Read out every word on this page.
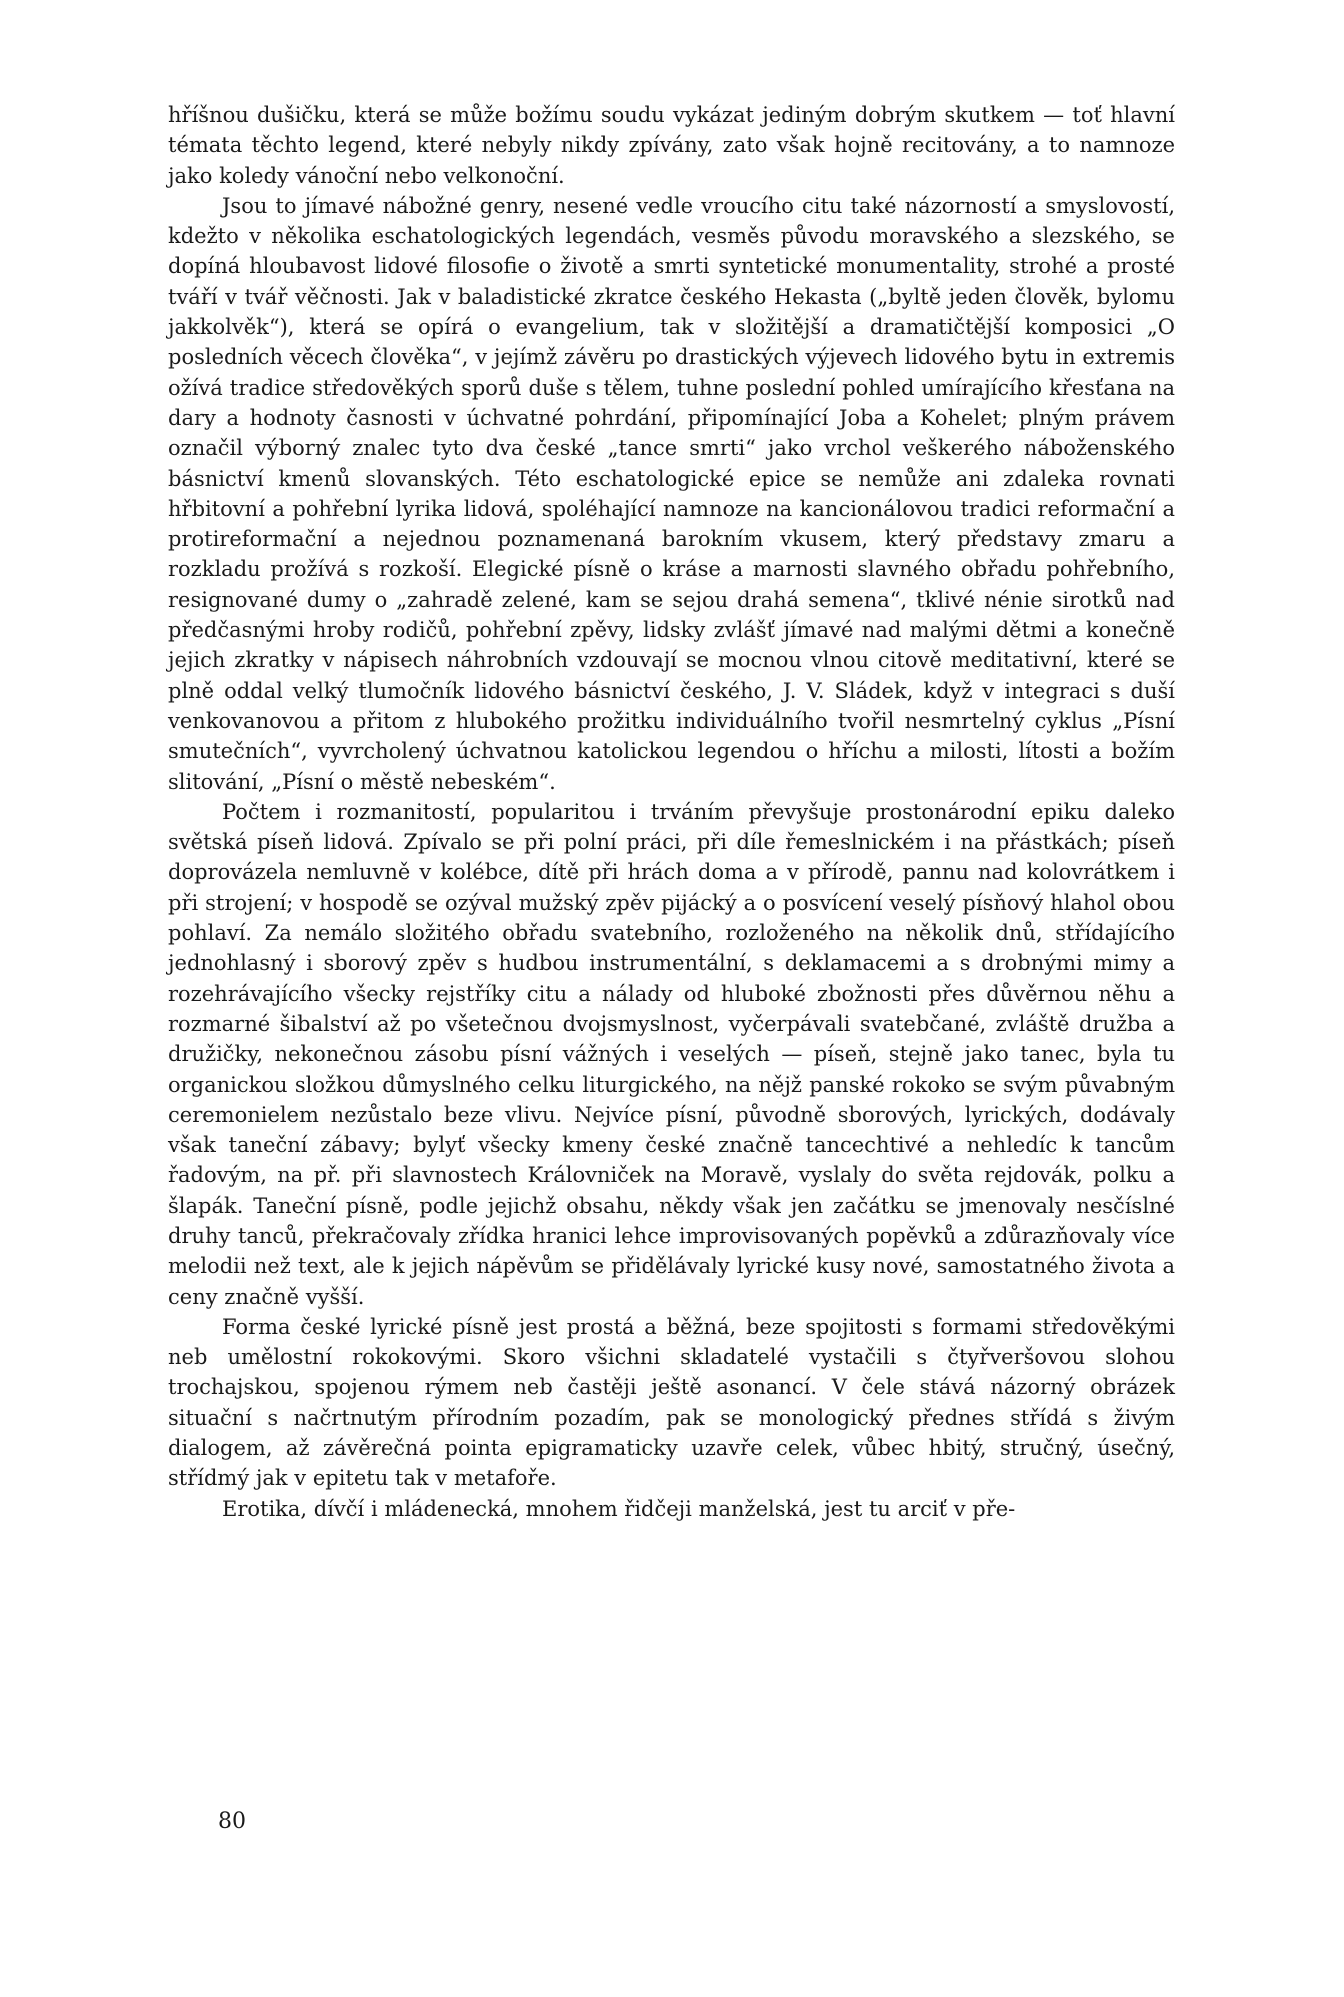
hříšnou dušičku, která se může božímu soudu vykázat jediným dobrým skutkem — toť hlavní témata těchto legend, které nebyly nikdy zpívány, zato však hojně recitovány, a to namnoze jako koledy vánoční nebo velkonoční.

Jsou to jímavé nábožné genry, nesené vedle vroucího citu také názorností a smyslovostí, kdežto v několika eschatologických legendách, vesměs původu moravského a slezského, se dopíná hloubavost lidové filosofie o životě a smrti syntetické monumentality, strohé a prosté tváří v tvář věčnosti. Jak v baladistické zkratce českého Hekasta („byltě jeden člověk, bylomu jakkolvěk“), která se opírá o evangelium, tak v složitější a dramatičtější komposici „O posledních věcech člověka“, v jejímž závěru po drastických výjevech lidového bytu in extremis ožívá tradice středověkých sporů duše s tělem, tuhne poslední pohled umírajícího křesťana na dary a hodnoty časnosti v úchvatné pohrdání, připomínající Joba a Kohelet; plným právem označil výborný znalec tyto dva české „tance smrti“ jako vrchol veškerého náboženského básnictví kmenů slovanských. Této eschatologické epice se nemůže ani zdaleka rovnati hřbitovní a pohřební lyrika lidová, spoléhající namnoze na kancionálovou tradici reformační a protireformační a nejednou poznamenaná barokním vkusem, který představy zmaru a rozkladu prožívá s rozkoší. Elegické písně o kráse a marnosti slavného obřadu pohřebního, resignované dumy o „zahradě zelené, kam se sejou drahá semena“, tklivé nénie sirotků nad předčasnými hroby rodičů, pohřební zpěvy, lidsky zvlášť jímavé nad malými dětmi a konečně jejich zkratky v nápisech náhrobních vzdouvají se mocnou vlnou citově meditativní, které se plně oddal velký tlumočník lidového básnictví českého, J. V. Sládek, když v integraci s duší venkovanovou a přitom z hlubokého prožitku individuálního tvořil nesmrtelný cyklus „Písní smutečních“, vyvrcholený úchvatnou katolickou legendou o hříchu a milosti, lítosti a božím slitování, „Písní o městě nebeském“.

Počtem i rozmanitostí, popularitou i trváním převyšuje prostonárodní epiku daleko světská píseň lidová. Zpívalo se při polní práci, při díle řemeslnickém i na přástkách; píseň doprovázela nemluvně v kolébce, dítě při hrách doma a v přírodě, pannu nad kolovrátkem i při strojení; v hospodě se ozýval mužský zpěv pijácký a o posvícení veselý písňový hlahol obou pohlaví. Za nemálo složitého obřadu svatebního, rozloženého na několik dnů, střídajícího jednohlasný i sborový zpěv s hudbou instrumentální, s deklamacemi a s drobnými mimy a rozehrávajícího všecky rejstříky citu a nálady od hluboké zbožnosti přes důvěrnou něhu a rozmarné šibalství až po všetečnou dvojsmyslnost, vyčerpávali svatebčané, zvláště družba a družičky, nekonečnou zásobu písní vážných i veselých — píseň, stejně jako tanec, byla tu organickou složkou důmyslného celku liturgického, na nějž panské rokoko se svým půvabným ceremonielem nezůstalo beze vlivu. Nejvíce písní, původně sborových, lyrických, dodávaly však taneční zábavy; bylyť všecky kmeny české značně tancechtivé a nehledíc k tancům řadovým, na př. při slavnostech Královniček na Moravě, vyslaly do světa rejdovák, polku a šlapák. Taneční písně, podle jejichž obsahu, někdy však jen začátku se jmenovaly nesčíslné druhy tanců, překračovaly zřídka hranici lehce improvisovaných popěvků a zdůrazňovaly více melodii než text, ale k jejich nápěvům se přidělávaly lyrické kusy nové, samostatného života a ceny značně vyšší.

Forma české lyrické písně jest prostá a běžná, beze spojitosti s formami středověkými neb umělostní rokokovými. Skoro všichni skladatelé vystačili s čtyřveršovou slohou trochajskou, spojenou rýmem neb častěji ještě asonancí. V čele stává názorný obrázek situační s načrtnutým přírodním pozadím, pak se monologický přednes střídá s živým dialogem, až závěrečná pointa epigramaticky uzavře celek, vůbec hbitý, stručný, úsečný, střídmý jak v epitetu tak v metafoře.

Erotika, dívčí i mládenecká, mnohem řidčeji manželská, jest tu arciť v pře-

80
